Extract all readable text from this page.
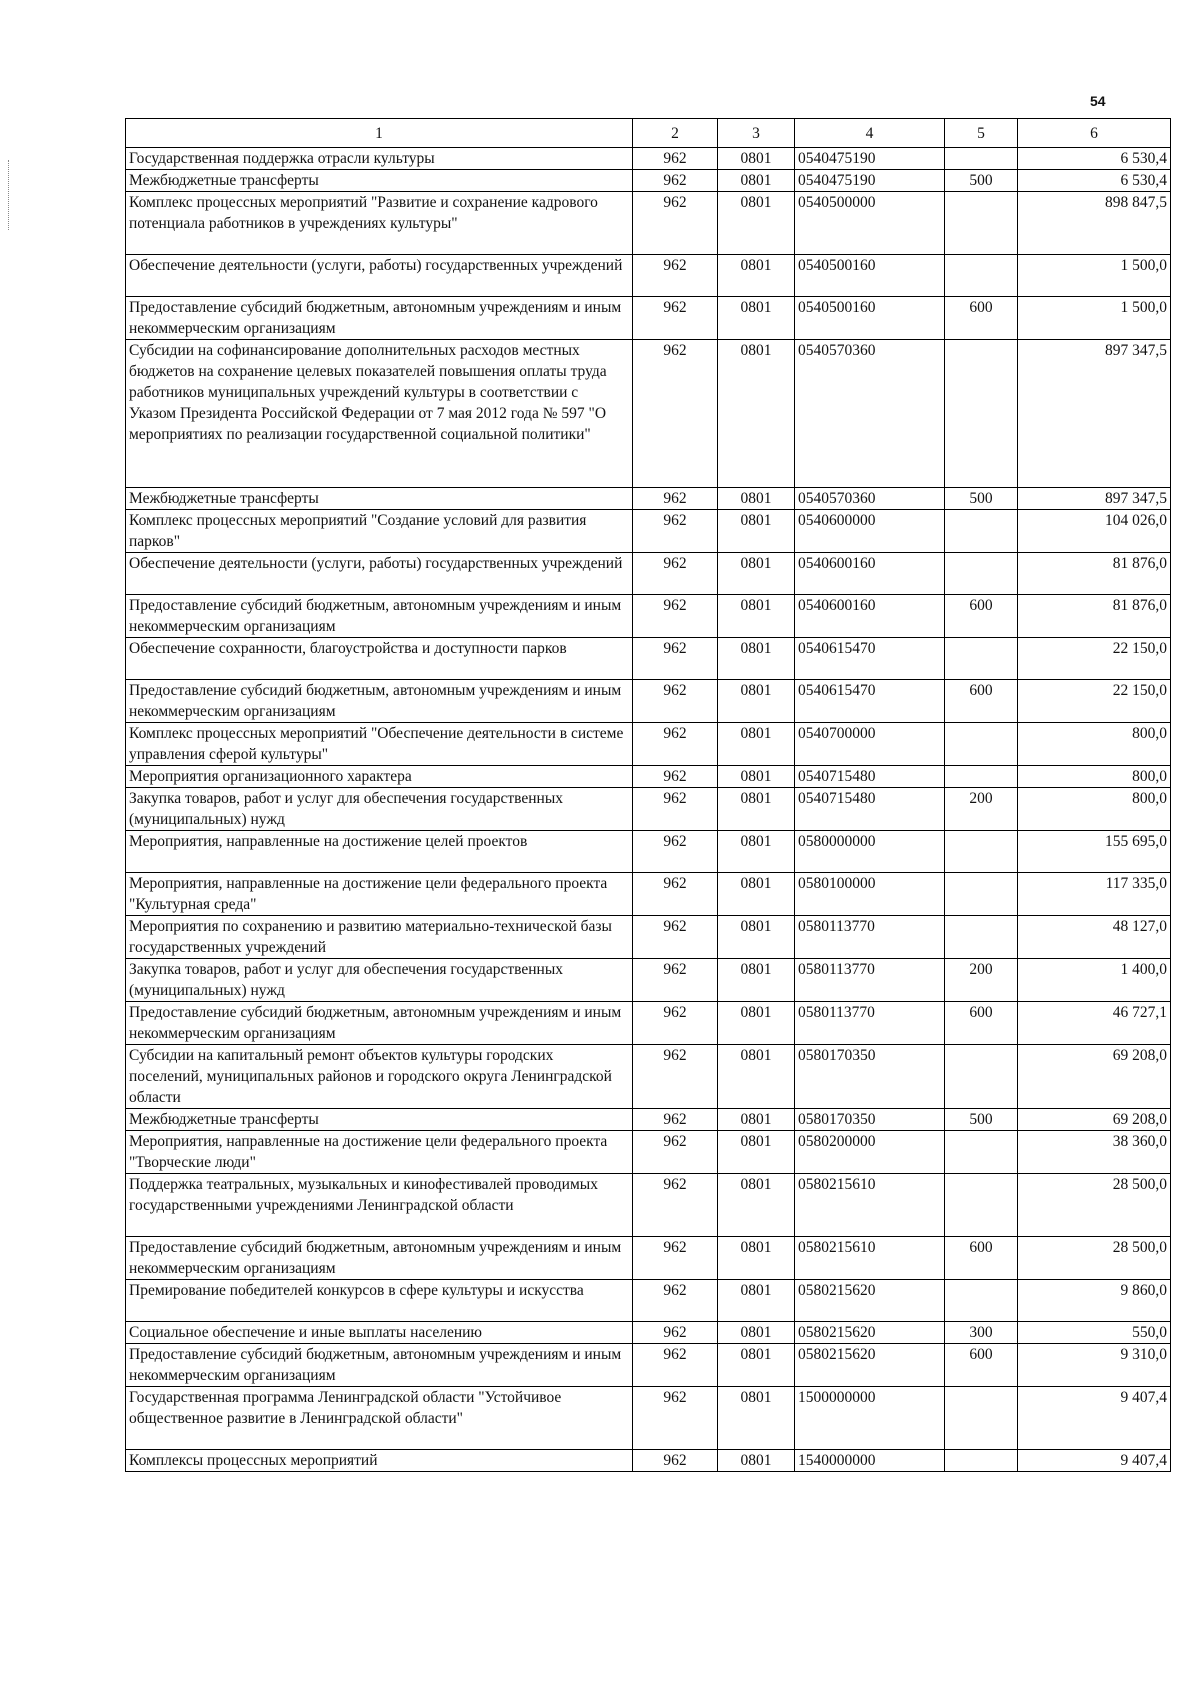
54
1	2	3	4	5	6
Государственная поддержка отрасли культуры	962	0801	0540475190		6 530,4
Межбюджетные трансферты	962	0801	0540475190	500	6 530,4
Комплекс процессных мероприятий "Развитие и сохранение кадрового потенциала работников в учреждениях культуры"	962	0801	0540500000		898 847,5
Обеспечение деятельности (услуги, работы) государственных учреждений	962	0801	0540500160		1 500,0
Предоставление субсидий бюджетным, автономным учреждениям и иным некоммерческим организациям	962	0801	0540500160	600	1 500,0
Субсидии на софинансирование дополнительных расходов местных бюджетов на сохранение целевых показателей повышения оплаты труда работников муниципальных учреждений культуры в соответствии с Указом Президента Российской Федерации от 7 мая 2012 года № 597 "О мероприятиях по реализации государственной социальной политики"	962	0801	0540570360		897 347,5
Межбюджетные трансферты	962	0801	0540570360	500	897 347,5
Комплекс процессных мероприятий "Создание условий для развития парков"	962	0801	0540600000		104 026,0
Обеспечение деятельности (услуги, работы) государственных учреждений	962	0801	0540600160		81 876,0
Предоставление субсидий бюджетным, автономным учреждениям и иным некоммерческим организациям	962	0801	0540600160	600	81 876,0
Обеспечение сохранности, благоустройства и доступности парков	962	0801	0540615470		22 150,0
Предоставление субсидий бюджетным, автономным учреждениям и иным некоммерческим организациям	962	0801	0540615470	600	22 150,0
Комплекс процессных мероприятий "Обеспечение деятельности в системе управления сферой культуры"	962	0801	0540700000		800,0
Мероприятия организационного характера	962	0801	0540715480		800,0
Закупка товаров, работ и услуг для обеспечения государственных (муниципальных) нужд	962	0801	0540715480	200	800,0
Мероприятия, направленные на достижение целей проектов	962	0801	0580000000		155 695,0
Мероприятия, направленные на достижение цели федерального проекта "Культурная среда"	962	0801	0580100000		117 335,0
Мероприятия по сохранению и развитию материально-технической базы государственных учреждений	962	0801	0580113770		48 127,0
Закупка товаров, работ и услуг для обеспечения государственных (муниципальных) нужд	962	0801	0580113770	200	1 400,0
Предоставление субсидий бюджетным, автономным учреждениям и иным некоммерческим организациям	962	0801	0580113770	600	46 727,1
Субсидии на капитальный ремонт объектов культуры городских поселений, муниципальных районов и городского округа Ленинградской области	962	0801	0580170350		69 208,0
Межбюджетные трансферты	962	0801	0580170350	500	69 208,0
Мероприятия, направленные на достижение цели федерального проекта "Творческие люди"	962	0801	0580200000		38 360,0
Поддержка театральных, музыкальных и кинофестивалей проводимых государственными учреждениями Ленинградской области	962	0801	0580215610		28 500,0
Предоставление субсидий бюджетным, автономным учреждениям и иным некоммерческим организациям	962	0801	0580215610	600	28 500,0
Премирование победителей конкурсов в сфере культуры и искусства	962	0801	0580215620		9 860,0
Социальное обеспечение и иные выплаты населению	962	0801	0580215620	300	550,0
Предоставление субсидий бюджетным, автономным учреждениям и иным некоммерческим организациям	962	0801	0580215620	600	9 310,0
Государственная программа Ленинградской области "Устойчивое общественное развитие в Ленинградской области"	962	0801	1500000000		9 407,4
Комплексы процессных мероприятий	962	0801	1540000000		9 407,4
